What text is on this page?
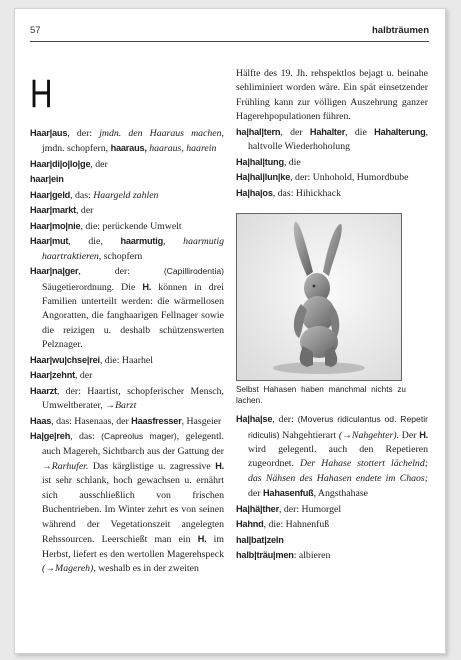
57	halbträumen
H

Haar|aus, der: jmdn. den Haaraus machen, jmdn. schopfern, haaraus, haaraus, haarein

Haar|di|o|lo|ge, der

haar|ein

Haar|geld, das: Haargeld zahlen

Haar|markt, der

Haar|mo|nie, die: perückende Umwelt

Haar|mut, die, haarmutig, haarmutig haartraktieren, schopfern

Haar|na|ger, der: (Capillirodentia) Säugetierordnung. Die H. können in drei Familien unterteilt werden: die wärmellosen Angoratten, die fanghaarigen Fellnager sowie die reizigen u. deshalb schützenswerten Pelznager.

Haar|wu|chse|rei, die: Haarhel

Haar|zehnt, der

Haarzt, der: Haartist, schopferischer Mensch, Umweltberater, →Barzt

Haas, das: Hasenaas, der Haasfresser, Hasgeier

Ha|ge|reh, das: (Capreolus mager), gelegentl. auch Magereh, Sichtbarch aus der Gattung der →Rarhufer. Das kärglistige u. zagressive H. ist sehr schlank, hoch gewachsen u. ernährt sich ausschließlich von frischen Buchentrieben. Im Winter zehrt es von seinen während der Vegetationszeit angelegten Rehssourcen. Leerschießt man ein H. im Herbst, liefert es den wertollen Magerehspeck (→Magereh), weshalb es in der zweiten

Hälfte des 19. Jh. rehspektlos bejagt u. beinahe sehliminiert worden wäre. Ein spät einsetzender Frühling kann zur völligen Auszehrung ganzer Hagerehpopulationen führen.

ha|hal|tern, der Hahalter, die Hahalterung, haltvolle Wiederhoholung

Ha|hal|tung, die

Ha|hal|lun|ke, der: Unhohold, Humordbube

Ha|ha|os, das: Hihickhack

Selbst Hahasen haben manchmal nichts zu lachen.

Ha|ha|se, der: (Moverus ridiculantus od. Repetir ridiculis) Nahgehtierart (→Nahgehter). Der H. wird gelegentl. auch den Repetieren zugeordnet. Der Hahase stottert lächelnd; das Nähsen des Hahasen endete im Chaos; der Hahasenfuß, Angsthahase

Ha|hä|ther, der: Humorgel

Hahnd, die: Hahnenfuß

hal|bat|zeln

halb|träu|men: albieren
